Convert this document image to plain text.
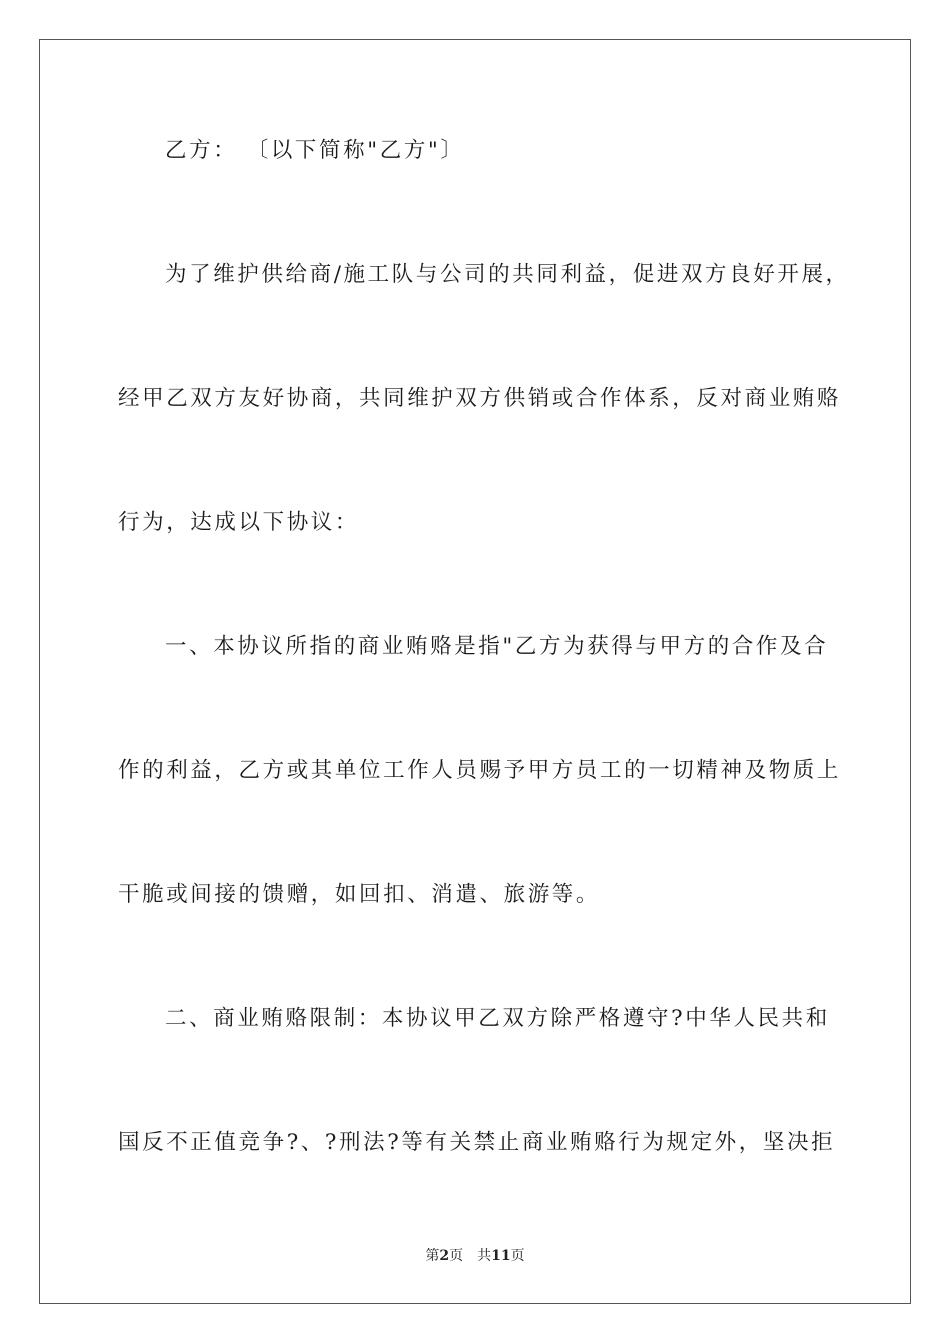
乙方： 〔以下简称"乙方"〕
为了维护供给商/施工队与公司的共同利益，促进双方良好开展，
经甲乙双方友好协商，共同维护双方供销或合作体系，反对商业贿赂
行为，达成以下协议：
一、本协议所指的商业贿赂是指"乙方为获得与甲方的合作及合
作的利益，乙方或其单位工作人员赐予甲方员工的一切精神及物质上
干脆或间接的馈赠，如回扣、消遣、旅游等。
二、商业贿赂限制：本协议甲乙双方除严格遵守?中华人民共和
国反不正值竞争?、?刑法?等有关禁止商业贿赂行为规定外，坚决拒
第2页 共11页
